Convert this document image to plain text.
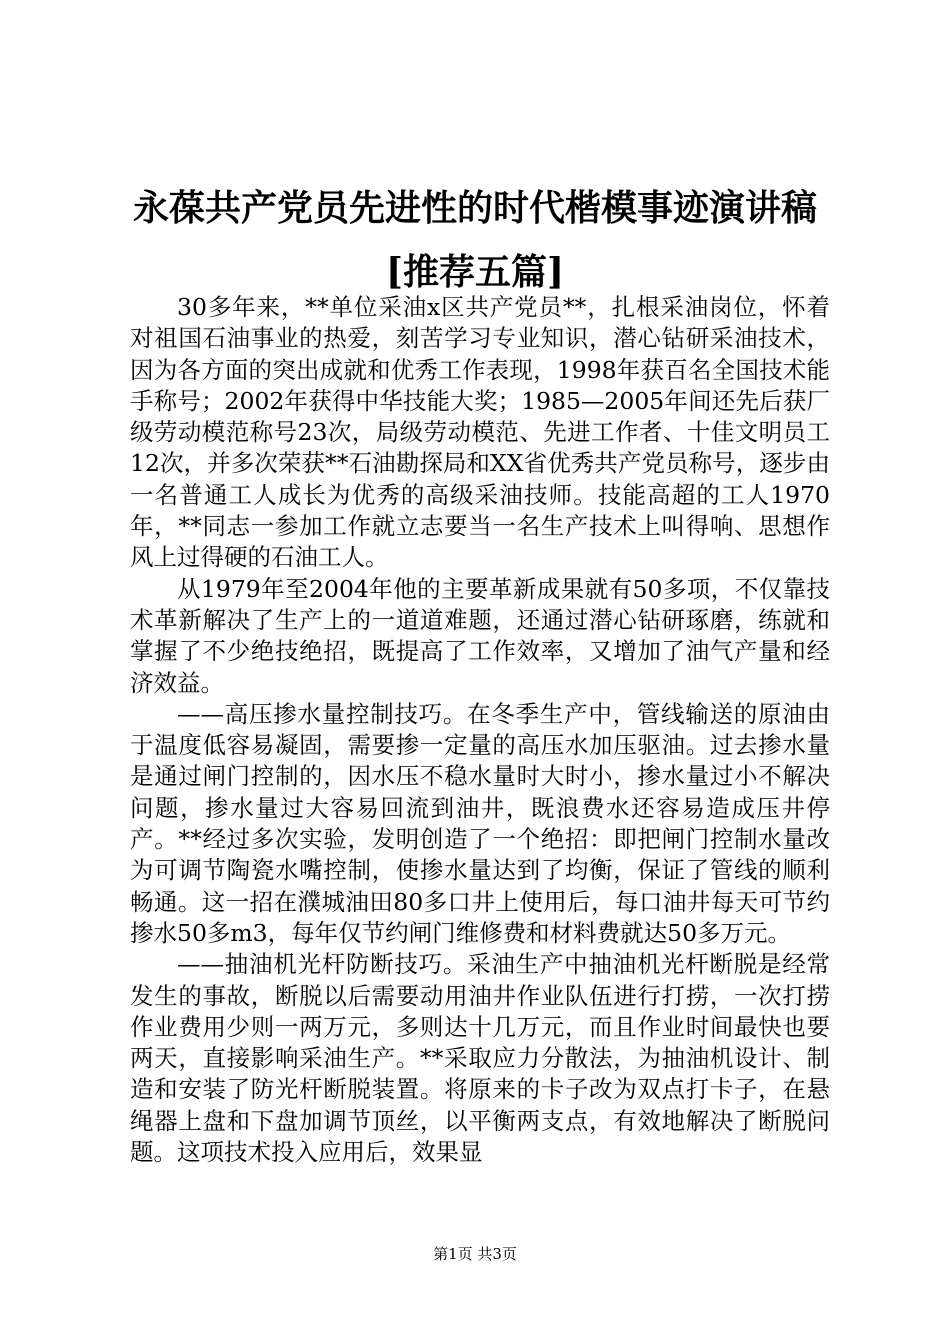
永葆共产党员先进性的时代楷模事迹演讲稿
[推荐五篇]

30多年来，**单位采油x区共产党员**，扎根采油岗位，怀着对祖国石油事业的热爱，刻苦学习专业知识，潜心钻研采油技术，因为各方面的突出成就和优秀工作表现，1998年获百名全国技术能手称号；2002年获得中华技能大奖；1985—2005年间还先后获厂级劳动模范称号23次，局级劳动模范、先进工作者、十佳文明员工12次，并多次荣获**石油勘探局和XX省优秀共产党员称号，逐步由一名普通工人成长为优秀的高级采油技师。技能高超的工人1970年，**同志一参加工作就立志要当一名生产技术上叫得响、思想作风上过得硬的石油工人。

从1979年至2004年他的主要革新成果就有50多项，不仅靠技术革新解决了生产上的一道道难题，还通过潜心钻研琢磨，练就和掌握了不少绝技绝招，既提高了工作效率，又增加了油气产量和经济效益。

——高压掺水量控制技巧。在冬季生产中，管线输送的原油由于温度低容易凝固，需要掺一定量的高压水加压驱油。过去掺水量是通过闸门控制的，因水压不稳水量时大时小，掺水量过小不解决问题，掺水量过大容易回流到油井，既浪费水还容易造成压井停产。**经过多次实验，发明创造了一个绝招：即把闸门控制水量改为可调节陶瓷水嘴控制，使掺水量达到了均衡，保证了管线的顺利畅通。这一招在濮城油田80多口井上使用后，每口油井每天可节约掺水50多m3，每年仅节约闸门维修费和材料费就达50多万元。

——抽油机光杆防断技巧。采油生产中抽油机光杆断脱是经常发生的事故，断脱以后需要动用油井作业队伍进行打捞，一次打捞作业费用少则一两万元，多则达十几万元，而且作业时间最快也要两天，直接影响采油生产。**采取应力分散法，为抽油机设计、制造和安装了防光杆断脱装置。将原来的卡子改为双点打卡子，在悬绳器上盘和下盘加调节顶丝，以平衡两支点，有效地解决了断脱问题。这项技术投入应用后，效果显

第1页 共3页
